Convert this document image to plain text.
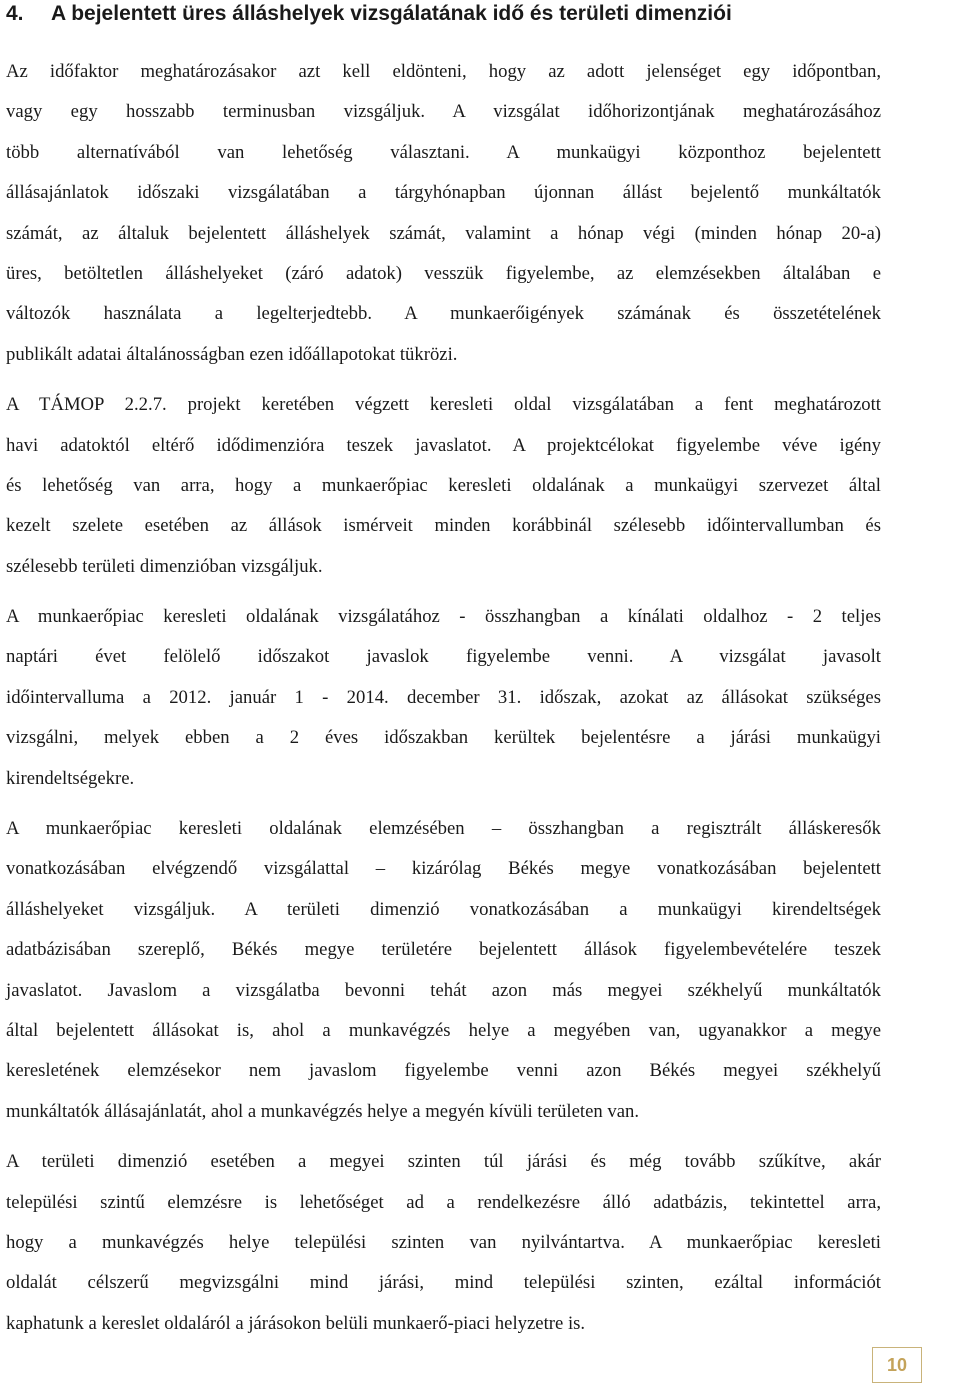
4. A bejelentett üres álláshelyek vizsgálatának idő és területi dimenziói

Az időfaktor meghatározásakor azt kell eldönteni, hogy az adott jelenséget egy időpontban,
vagy egy hosszabb terminusban vizsgáljuk. A vizsgálat időhorizontjának meghatározásához
több alternatívából van lehetőség választani. A munkaügyi központhoz bejelentett
állásajánlatok időszaki vizsgálatában a tárgyhónapban újonnan állást bejelentő munkáltatók
számát, az általuk bejelentett álláshelyek számát, valamint a hónap végi (minden hónap 20-a)
üres, betöltetlen álláshelyeket (záró adatok) vesszük figyelembe, az elemzésekben általában e
változók használata a legelterjedtebb. A munkaerőigények számának és összetételének
publikált adatai általánosságban ezen időállapotokat tükrözi.

A TÁMOP 2.2.7. projekt keretében végzett keresleti oldal vizsgálatában a fent meghatározott
havi adatoktól eltérő idődimenzióra teszek javaslatot. A projektcélokat figyelembe véve igény
és lehetőség van arra, hogy a munkaerőpiac keresleti oldalának a munkaügyi szervezet által
kezelt szelete esetében az állások ismérveit minden korábbinál szélesebb időintervallumban és
szélesebb területi dimenzióban vizsgáljuk.

A munkaerőpiac keresleti oldalának vizsgálatához - összhangban a kínálati oldalhoz - 2 teljes
naptári évet felölelő időszakot javaslok figyelembe venni. A vizsgálat javasolt
időintervalluma a 2012. január 1 - 2014. december 31. időszak, azokat az állásokat szükséges
vizsgálni, melyek ebben a 2 éves időszakban kerültek bejelentésre a járási munkaügyi
kirendeltségekre.

A munkaerőpiac keresleti oldalának elemzésében – összhangban a regisztrált álláskeresők
vonatkozásában elvégzendő vizsgálattal – kizárólag Békés megye vonatkozásában bejelentett
álláshelyeket vizsgáljuk. A területi dimenzió vonatkozásában a munkaügyi kirendeltségek
adatbázisában szereplő, Békés megye területére bejelentett állások figyelembevételére teszek
javaslatot. Javaslom a vizsgálatba bevonni tehát azon más megyei székhelyű munkáltatók
által bejelentett állásokat is, ahol a munkavégzés helye a megyében van, ugyanakkor a megye
keresletének elemzésekor nem javaslom figyelembe venni azon Békés megyei székhelyű
munkáltatók állásajánlatát, ahol a munkavégzés helye a megyén kívüli területen van.

A területi dimenzió esetében a megyei szinten túl járási és még tovább szűkítve, akár
települési szintű elemzésre is lehetőséget ad a rendelkezésre álló adatbázis, tekintettel arra,
hogy a munkavégzés helye települési szinten van nyilvántartva. A munkaerőpiac keresleti
oldalát célszerű megvizsgálni mind járási, mind települési szinten, ezáltal információt
kaphatunk a kereslet oldaláról a járásokon belüli munkaerő-piaci helyzetre is.

10
